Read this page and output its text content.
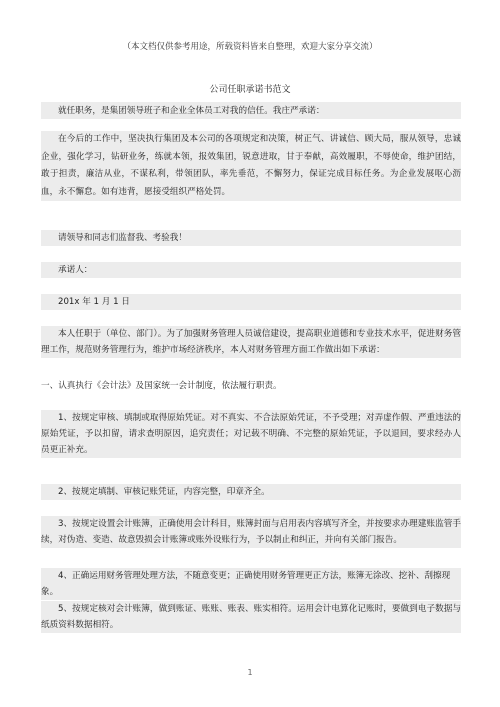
（本文档仅供参考用途，所载资料皆来自整理，欢迎大家分享交流）
公司任职承诺书范文

就任职务，是集团领导班子和企业全体员工对我的信任。我庄严承诺：

在今后的工作中，坚决执行集团及本公司的各项规定和决策，树正气、讲诚信、顾大局，服从领导，忠诚企业，强化学习，钻研业务，练就本领，报效集团，锐意进取，甘于奉献，高效履职，不辱使命，维护团结，敢于担责，廉洁从业，不谋私利，带领团队，率先垂范，不懈努力，保证完成目标任务。为企业发展呕心沥血，永不懈怠。如有违背，愿接受组织严格处罚。

请领导和同志们监督我、考验我！

承诺人：

201x 年 1 月 1 日

本人任职于（单位、部门）。为了加强财务管理人员诚信建设，提高职业道德和专业技术水平，促进财务管理工作，规范财务管理行为，维护市场经济秩序，本人对财务管理方面工作做出如下承诺：

一、认真执行《会计法》及国家统一会计制度，依法履行职责。

1、按规定审核、填制或取得原始凭证。对不真实、不合法原始凭证，不予受理；对弄虚作假、严重违法的原始凭证，予以扣留，请求查明原因，追究责任；对记载不明确、不完整的原始凭证，予以退回，要求经办人员更正补充。

2、按规定填制、审核记账凭证，内容完整，印章齐全。

3、按规定设置会计账簿，正确使用会计科目，账簿封面与启用表内容填写齐全，并按要求办理建账监管手续，对伪造、变造、故意毁损会计账簿或账外设账行为，予以制止和纠正，并向有关部门报告。

4、正确运用财务管理处理方法，不随意变更；正确使用财务管理更正方法，账簿无涂改、挖补、刮擦现象。

5、按规定核对会计账簿，做到账证、账账、账表、账实相符。运用会计电算化记账时，要做到电子数据与纸质资料数据相符。

1
